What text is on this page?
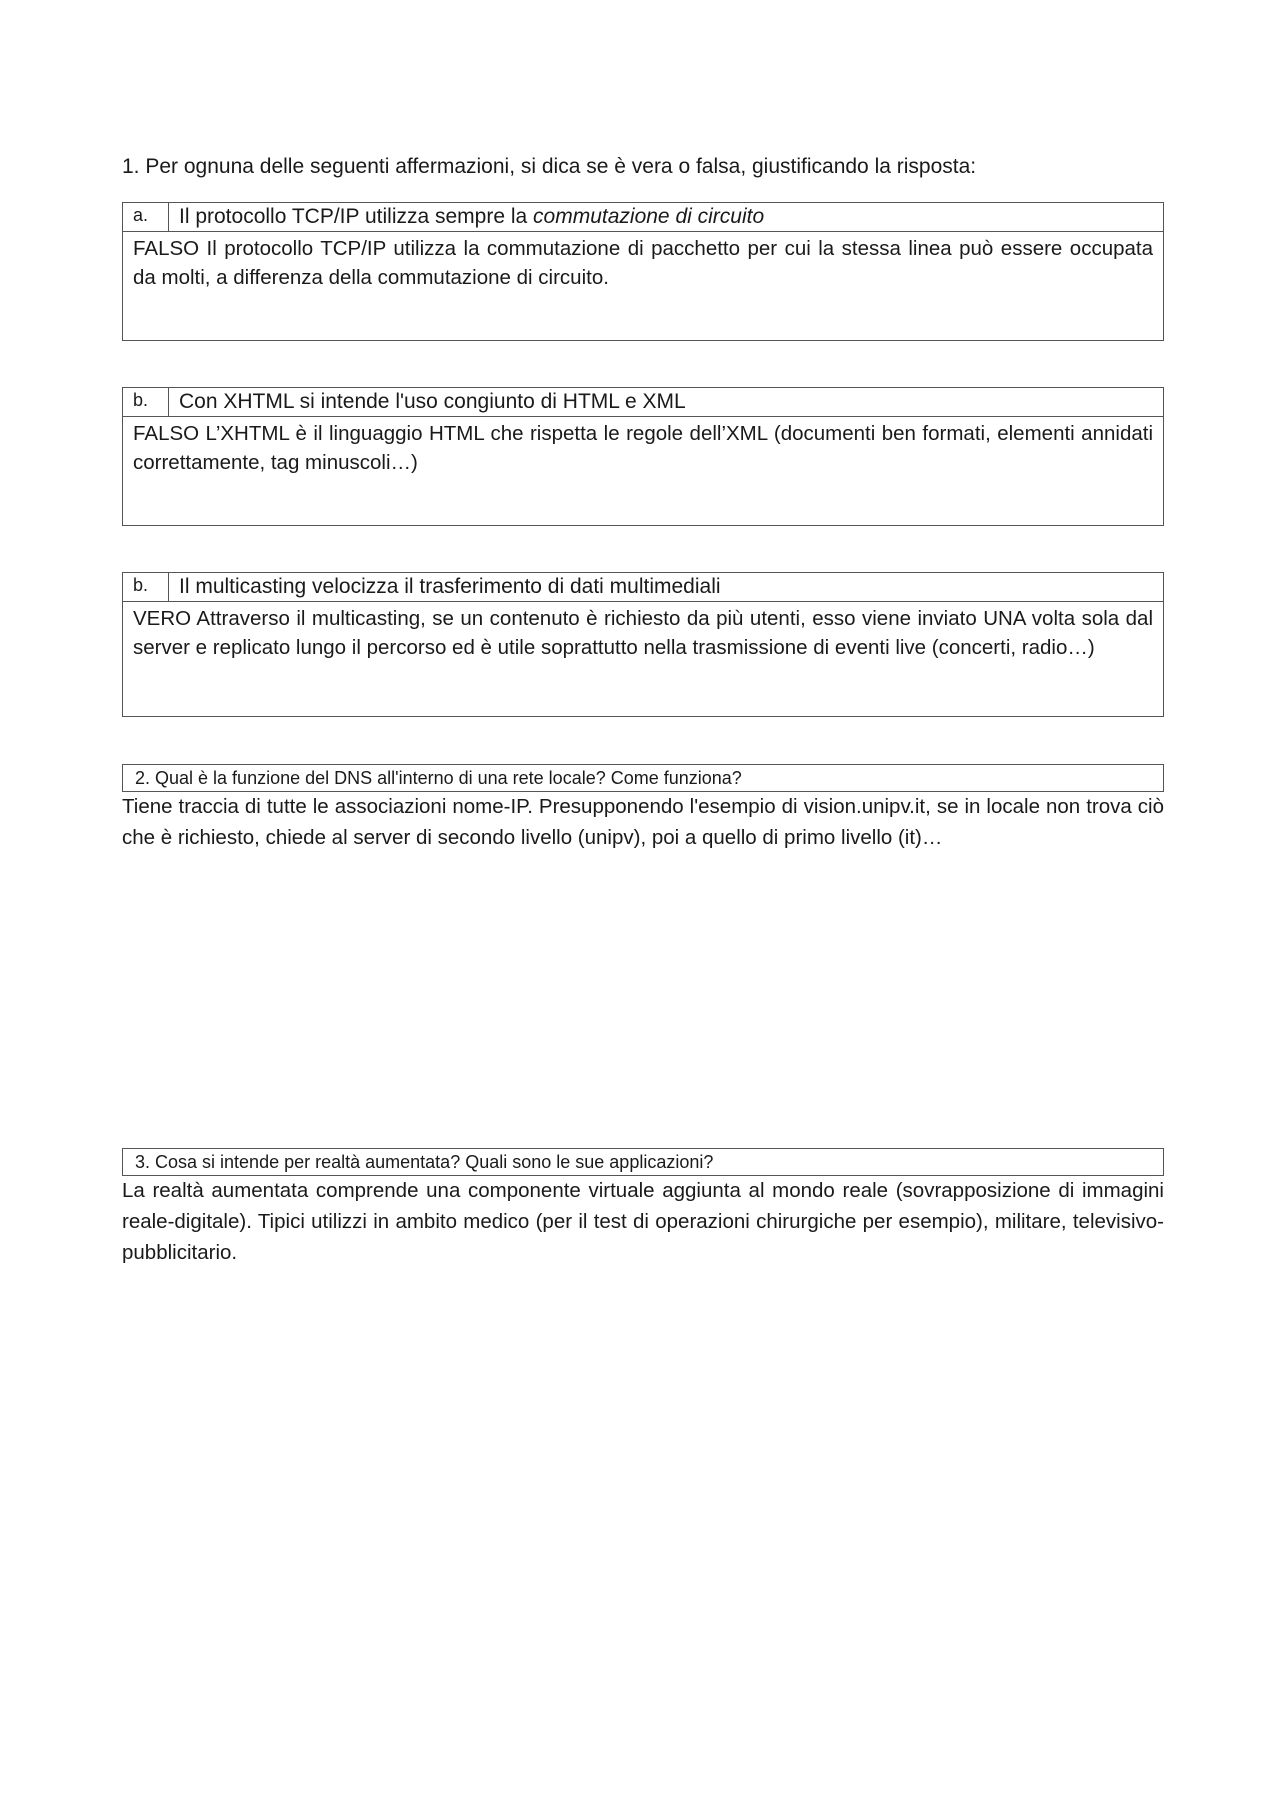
1. Per ognuna delle seguenti affermazioni, si dica se è vera o falsa, giustificando la risposta:
a.	Il protocollo TCP/IP utilizza sempre la commutazione di circuito
FALSO Il protocollo TCP/IP utilizza la commutazione di pacchetto per cui la stessa linea può essere occupata da molti, a differenza della commutazione di circuito.
b.	Con XHTML si intende l'uso congiunto di HTML e XML
FALSO L’XHTML è il linguaggio HTML che rispetta le regole dell’XML (documenti ben formati, elementi annidati correttamente, tag minuscoli…)
b.	Il multicasting velocizza il trasferimento di dati multimediali
VERO Attraverso il multicasting, se un contenuto è richiesto da più utenti, esso viene inviato UNA volta sola dal server e replicato lungo il percorso ed è utile soprattutto nella trasmissione di eventi live (concerti, radio…)
2. Qual è la funzione del DNS all'interno di una rete locale? Come funziona?
Tiene traccia di tutte le associazioni nome-IP. Presupponendo l'esempio di vision.unipv.it, se in locale non trova ciò che è richiesto, chiede al server di secondo livello (unipv), poi a quello di primo livello (it)…
3. Cosa si intende per realtà aumentata? Quali sono le sue applicazioni?
La realtà aumentata comprende una componente virtuale aggiunta al mondo reale (sovrapposizione di immagini reale-digitale). Tipici utilizzi in ambito medico (per il test di operazioni chirurgiche per esempio), militare, televisivo-pubblicitario.
